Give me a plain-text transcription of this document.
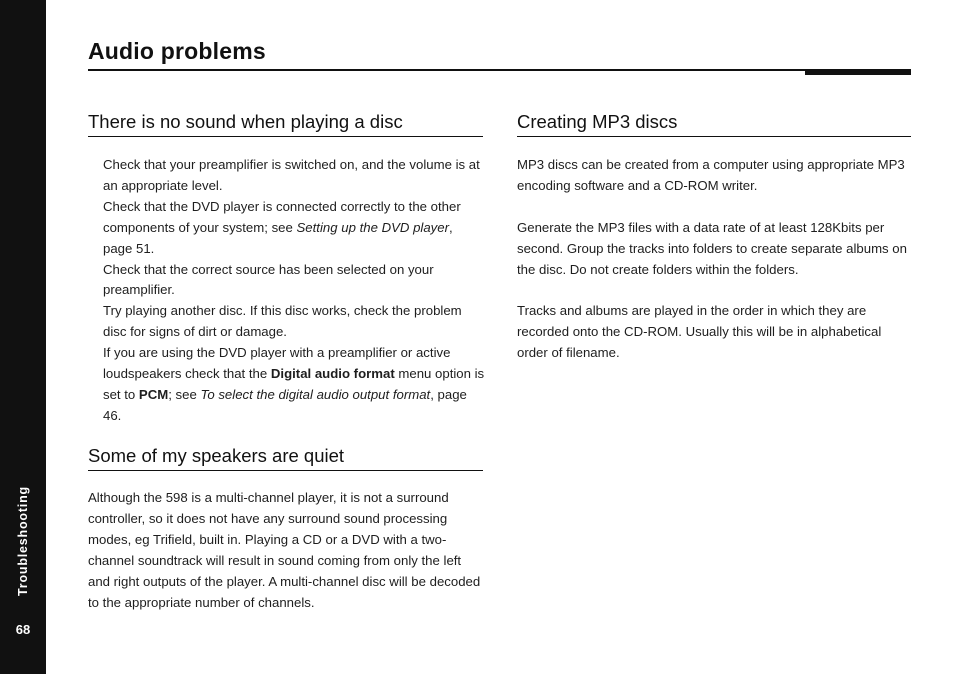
Troubleshooting
68
Audio problems
There is no sound when playing a disc

Check that your preamplifier is switched on, and the volume is at an appropriate level.

Check that the DVD player is connected correctly to the other components of your system; see Setting up the DVD player, page 51.

Check that the correct source has been selected on your preamplifier.

Try playing another disc. If this disc works, check the problem disc for signs of dirt or damage.

If you are using the DVD player with a preamplifier or active loudspeakers check that the Digital audio format menu option is set to PCM; see To select the digital audio output format, page 46.

Some of my speakers are quiet

Although the 598 is a multi-channel player, it is not a surround controller, so it does not have any surround sound processing modes, eg Trifield, built in. Playing a CD or a DVD with a two-channel soundtrack will result in sound coming from only the left and right outputs of the player. A multi-channel disc will be decoded to the appropriate number of channels.

Creating MP3 discs

MP3 discs can be created from a computer using appropriate MP3 encoding software and a CD-ROM writer.

Generate the MP3 files with a data rate of at least 128Kbits per second. Group the tracks into folders to create separate albums on the disc. Do not create folders within the folders.

Tracks and albums are played in the order in which they are recorded onto the CD-ROM. Usually this will be in alphabetical order of filename.
